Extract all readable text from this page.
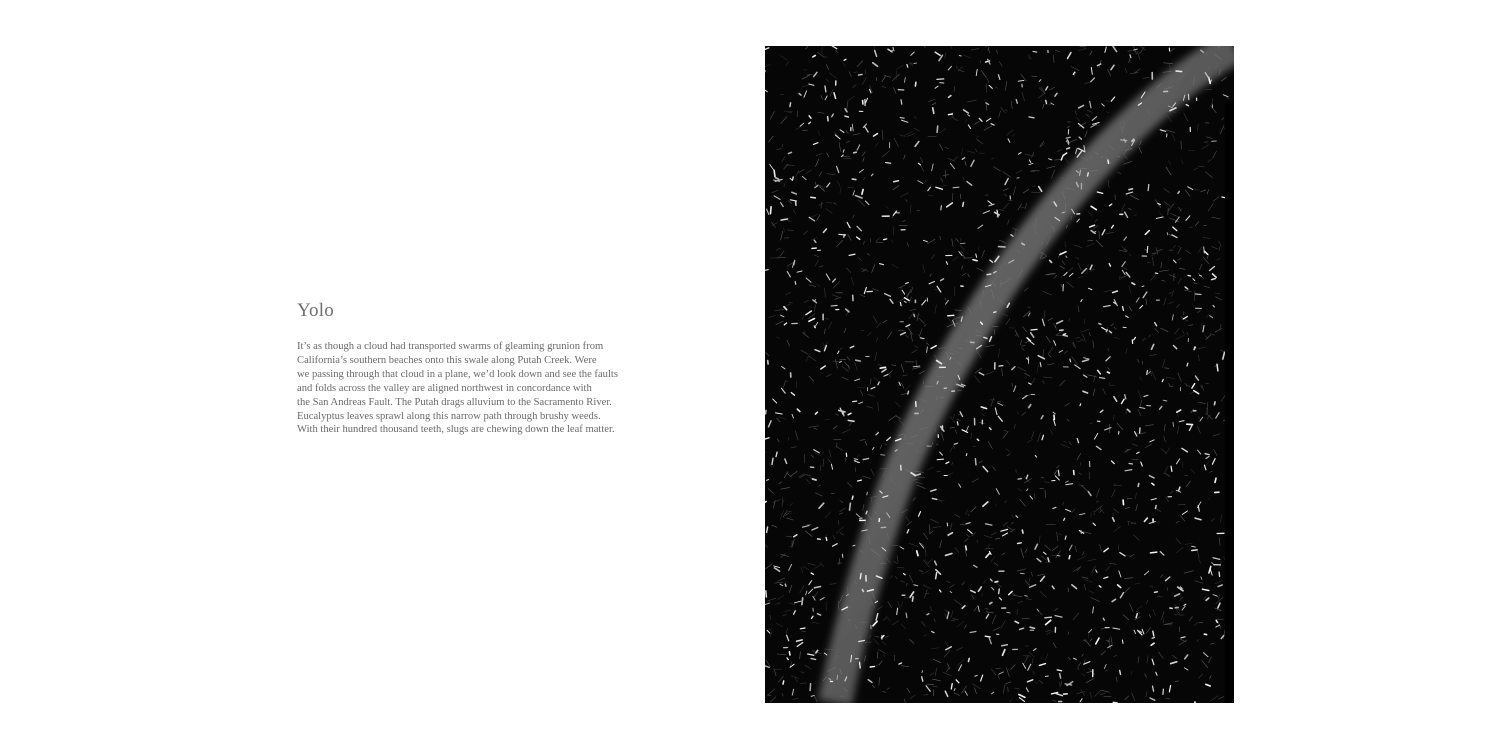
Yolo
It’s as though a cloud had transported swarms of gleaming grunion from
California’s southern beaches onto this swale along Putah Creek. Were
we passing through that cloud in a plane, we’d look down and see the faults
and folds across the valley are aligned northwest in concordance with
the San Andreas Fault. The Putah drags alluvium to the Sacramento River.
Eucalyptus leaves sprawl along this narrow path through brushy weeds.
With their hundred thousand teeth, slugs are chewing down the leaf matter.
